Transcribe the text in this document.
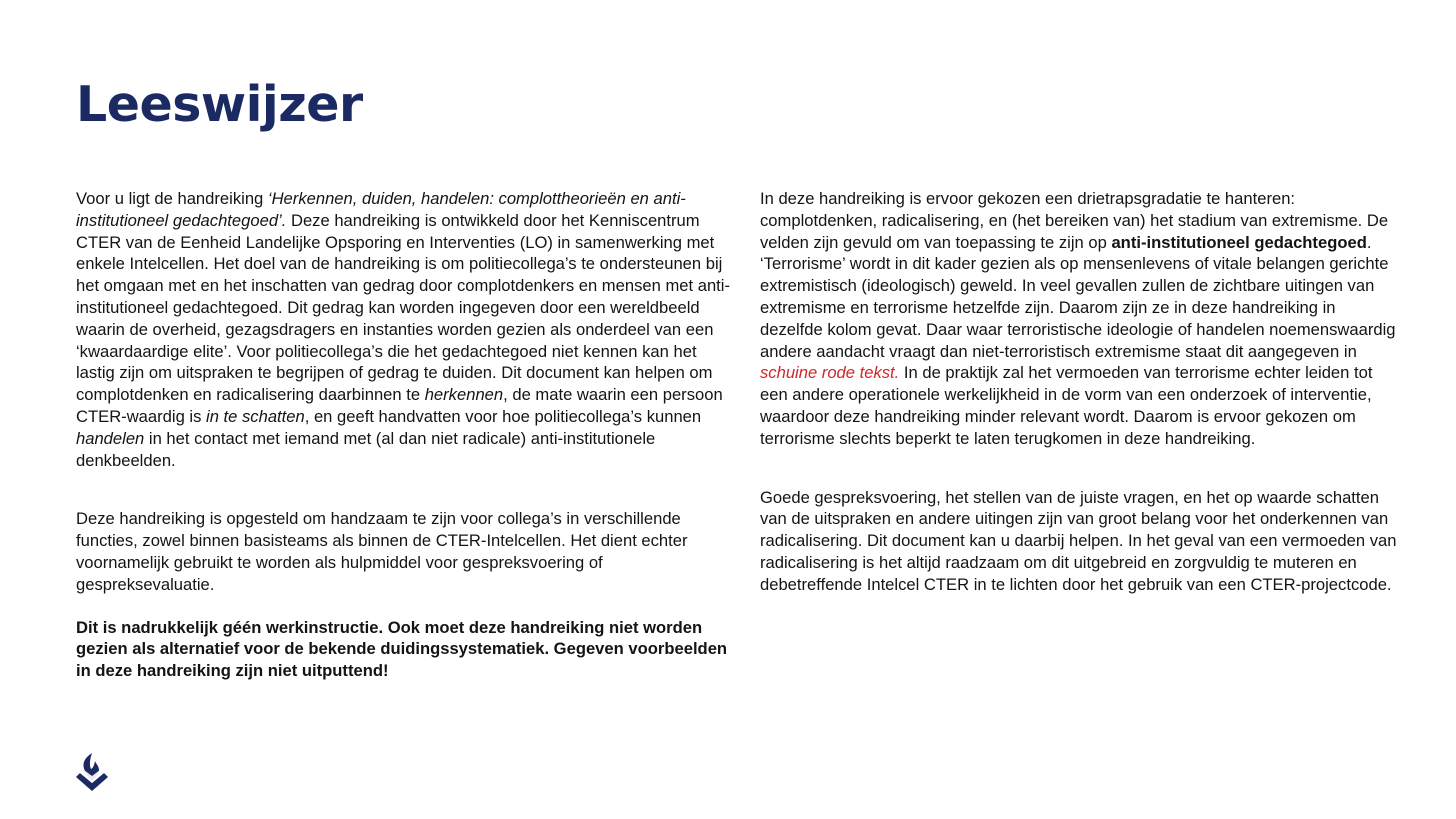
Leeswijzer

Voor u ligt de handreiking ‘Herkennen, duiden, handelen: complottheorieën en anti-institutioneel gedachtegoed’. Deze handreiking is ontwikkeld door het Kenniscentrum CTER van de Eenheid Landelijke Opsporing en Interventies (LO) in samenwerking met enkele Intelcellen. Het doel van de handreiking is om politiecollega’s te ondersteunen bij het omgaan met en het inschatten van gedrag door complotdenkers en mensen met anti-institutioneel gedachtegoed. Dit gedrag kan worden ingegeven door een wereldbeeld waarin de overheid, gezagsdragers en instanties worden gezien als onderdeel van een ‘kwaardaardige elite’. Voor politiecollega’s die het gedachtegoed niet kennen kan het lastig zijn om uitspraken te begrijpen of gedrag te duiden. Dit document kan helpen om complotdenken en radicalisering daarbinnen te herkennen, de mate waarin een persoon CTER-waardig is in te schatten, en geeft handvatten voor hoe politiecollega’s kunnen handelen in het contact met iemand met (al dan niet radicale) anti-institutionele denkbeelden.

Deze handreiking is opgesteld om handzaam te zijn voor collega’s in verschillende functies, zowel binnen basisteams als binnen de CTER-Intelcellen. Het dient echter voornamelijk gebruikt te worden als hulpmiddel voor gespreksvoering of gespreksevaluatie.

Dit is nadrukkelijk géén werkinstructie. Ook moet deze handreiking niet worden gezien als alternatief voor de bekende duidingssystematiek. Gegeven voorbeelden in deze handreiking zijn niet uitputtend!

In deze handreiking is ervoor gekozen een drietrapsgradatie te hanteren: complotdenken, radicalisering, en (het bereiken van) het stadium van extremisme. De velden zijn gevuld om van toepassing te zijn op anti-institutioneel gedachtegoed. ‘Terrorisme’ wordt in dit kader gezien als op mensenlevens of vitale belangen gerichte extremistisch (ideologisch) geweld. In veel gevallen zullen de zichtbare uitingen van extremisme en terrorisme hetzelfde zijn. Daarom zijn ze in deze handreiking in dezelfde kolom gevat. Daar waar terroristische ideologie of handelen noemenswaardig andere aandacht vraagt dan niet-terroristisch extremisme staat dit aangegeven in schuine rode tekst. In de praktijk zal het vermoeden van terrorisme echter leiden tot een andere operationele werkelijkheid in de vorm van een onderzoek of interventie, waardoor deze handreiking minder relevant wordt. Daarom is ervoor gekozen om terrorisme slechts beperkt te laten terugkomen in deze handreiking.

Goede gespreksvoering, het stellen van de juiste vragen, en het op waarde schatten van de uitspraken en andere uitingen zijn van groot belang voor het onderkennen van radicalisering. Dit document kan u daarbij helpen. In het geval van een vermoeden van radicalisering is het altijd raadzaam om dit uitgebreid en zorgvuldig te muteren en debetreffende Intelcel CTER in te lichten door het gebruik van een CTER-projectcode.
